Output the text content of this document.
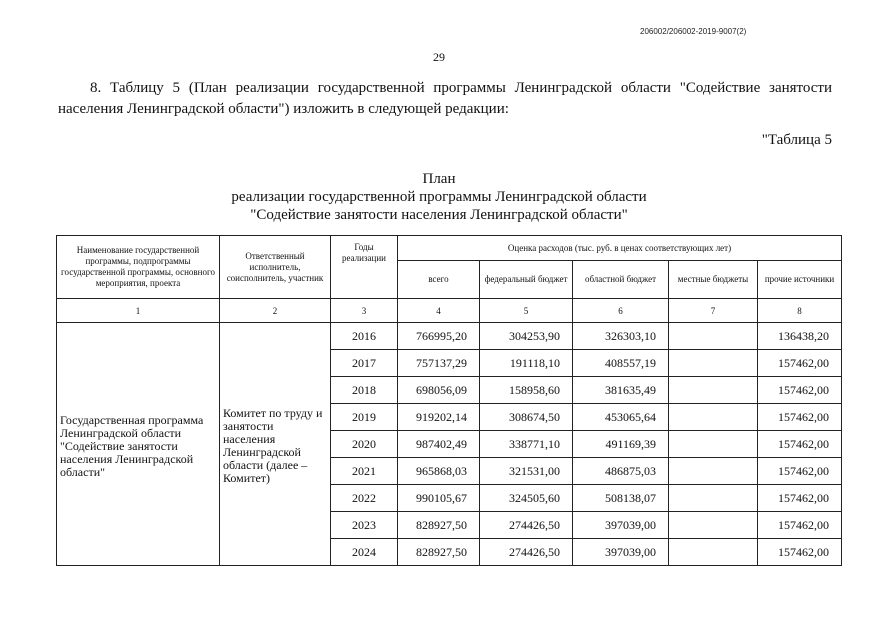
206002/206002-2019-9007(2)
29
8. Таблицу 5 (План реализации государственной программы Ленинградской области "Содействие занятости населения Ленинградской области") изложить в следующей редакции:
"Таблица 5
План
реализации государственной программы Ленинградской области
"Содействие занятости населения Ленинградской области"
Наименование государственной программы, подпрограммы государственной программы, основного мероприятия, проекта	Ответственный исполнитель, соисполнитель, участник	Годы реализации	Оценка расходов (тыс. руб. в ценах соответствующих лет)				
			всего	федеральный бюджет	областной бюджет	местные бюджеты	прочие источники
1	2	3	4	5	6	7	8
Государственная программа Ленинградской области "Содействие занятости населения Ленинградской области"	Комитет по труду и занятости населения Ленинградской области (далее – Комитет)	2016	766995,20	304253,90	326303,10		136438,20
		2017	757137,29	191118,10	408557,19		157462,00
		2018	698056,09	158958,60	381635,49		157462,00
		2019	919202,14	308674,50	453065,64		157462,00
		2020	987402,49	338771,10	491169,39		157462,00
		2021	965868,03	321531,00	486875,03		157462,00
		2022	990105,67	324505,60	508138,07		157462,00
		2023	828927,50	274426,50	397039,00		157462,00
		2024	828927,50	274426,50	397039,00		157462,00
